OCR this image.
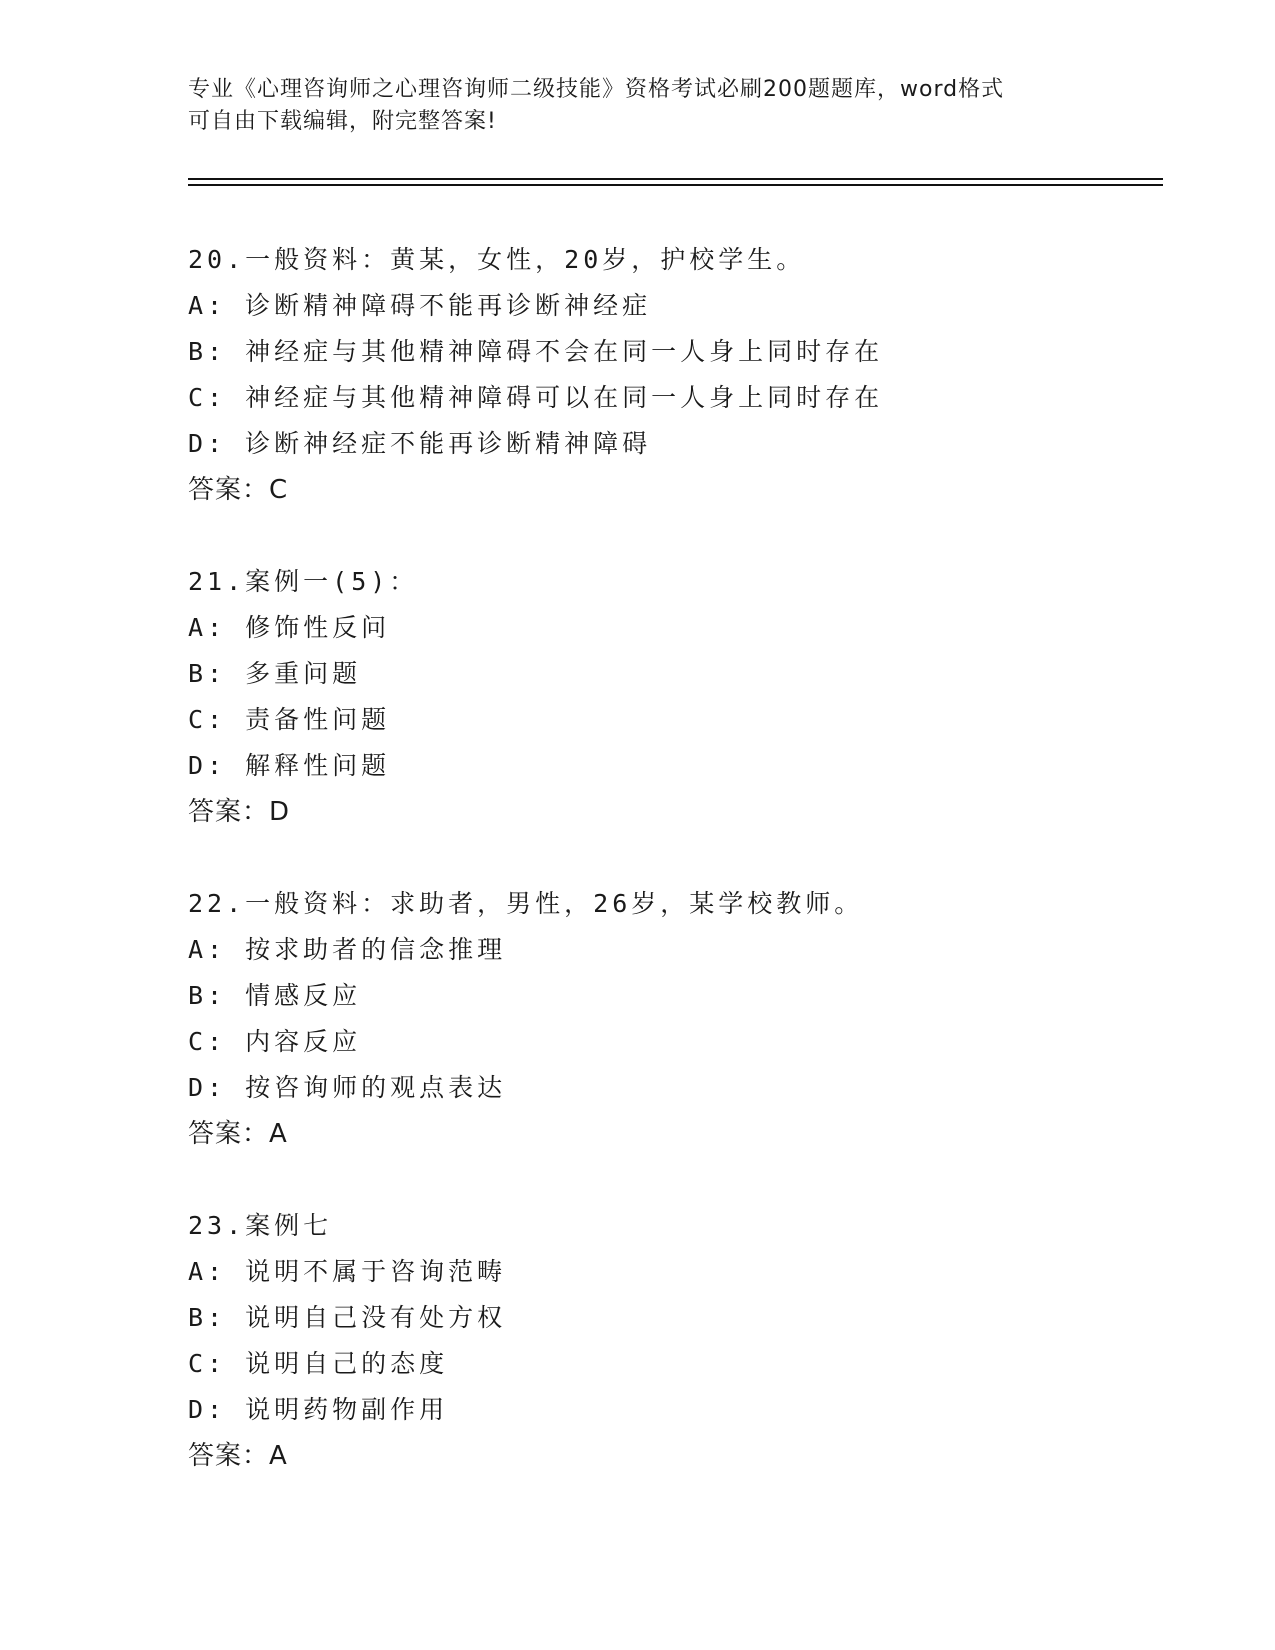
专业《心理咨询师之心理咨询师二级技能》资格考试必刷200题题库，word格式
可自由下载编辑，附完整答案!
20.一般资料：黄某，女性，20岁，护校学生。
A: 诊断精神障碍不能再诊断神经症
B: 神经症与其他精神障碍不会在同一人身上同时存在
C: 神经症与其他精神障碍可以在同一人身上同时存在
D: 诊断神经症不能再诊断精神障碍
答案：C
21.案例一(5)：
A: 修饰性反问
B: 多重问题
C: 责备性问题
D: 解释性问题
答案：D
22.一般资料：求助者，男性，26岁，某学校教师。
A: 按求助者的信念推理
B: 情感反应
C: 内容反应
D: 按咨询师的观点表达
答案：A
23.案例七
A: 说明不属于咨询范畴
B: 说明自己没有处方权
C: 说明自己的态度
D: 说明药物副作用
答案：A
